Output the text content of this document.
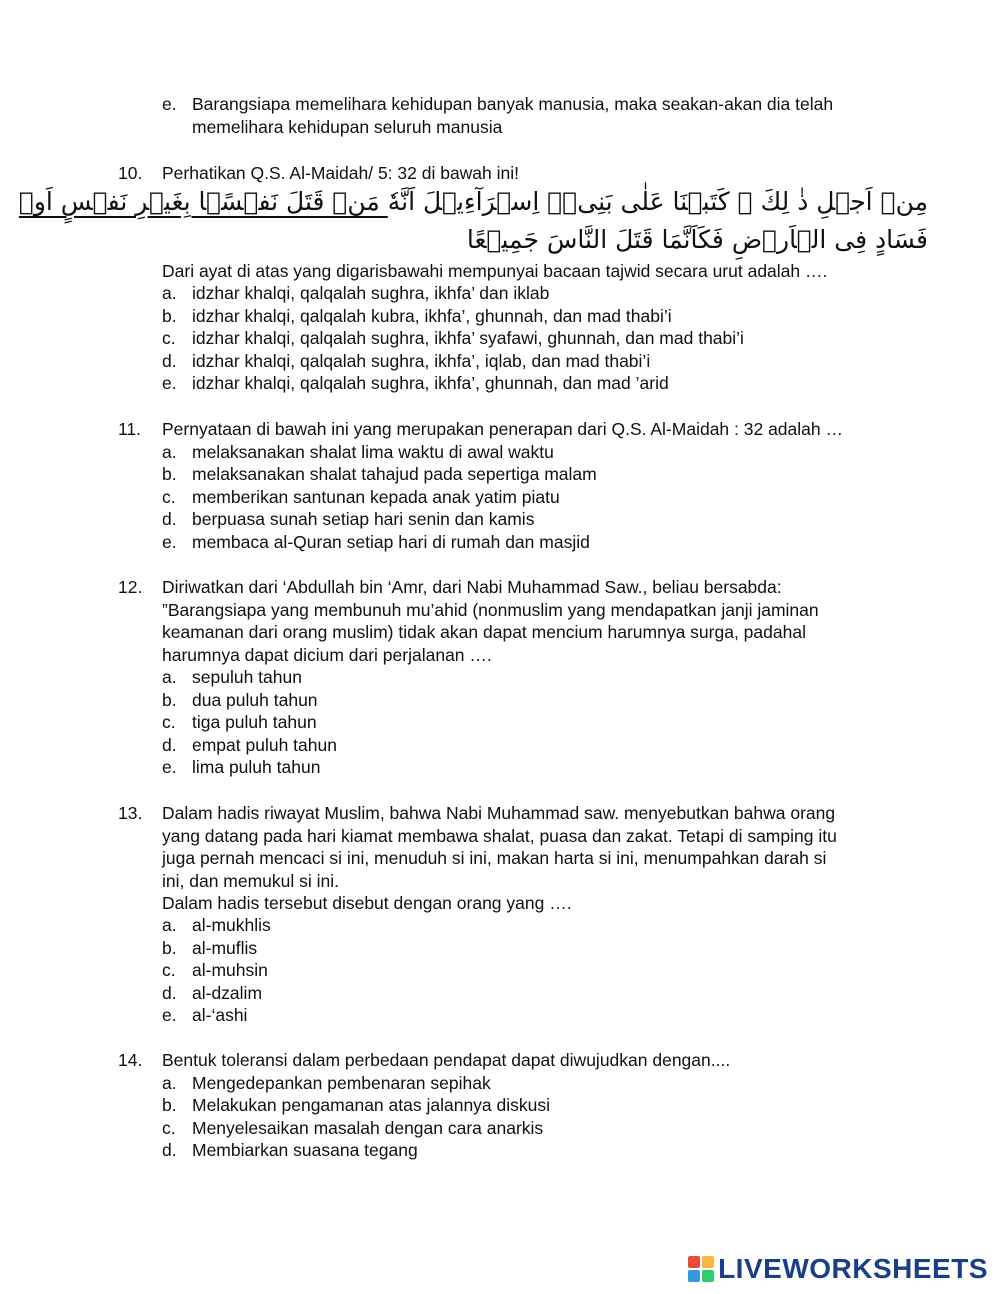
e. Barangsiapa memelihara kehidupan banyak manusia, maka seakan-akan dia telah
memelihara kehidupan seluruh manusia
10. Perhatikan Q.S. Al-Maidah/ 5: 32 di bawah ini!
مِنۡ اَجۡلِ ذٰ لِكَ ۚ كَتَبۡنَا عَلٰى بَنِىۡۤ اِسۡرَآءِيۡلَ اَنَّهٗ مَنۡ قَتَلَ نَفۡسًۢا بِغَيۡرِ نَفۡسٍ اَوۡ
فَسَادٍ فِى الۡاَرۡضِ فَكَاَنَّمَا قَتَلَ النَّاسَ جَمِيۡعًا
Dari ayat di atas yang digarisbawahi mempunyai bacaan tajwid secara urut adalah ….
a. idzhar khalqi, qalqalah sughra, ikhfa’ dan iklab
b. idzhar khalqi, qalqalah kubra, ikhfa’, ghunnah, dan mad thabi’i
c. idzhar khalqi, qalqalah sughra, ikhfa’ syafawi, ghunnah, dan mad thabi’i
d. idzhar khalqi, qalqalah sughra, ikhfa’, iqlab, dan mad thabi’i
e. idzhar khalqi, qalqalah sughra, ikhfa’, ghunnah, dan mad ’arid
11. Pernyataan di bawah ini yang merupakan penerapan dari Q.S. Al-Maidah : 32 adalah …
a. melaksanakan shalat lima waktu di awal waktu
b. melaksanakan shalat tahajud pada sepertiga malam
c. memberikan santunan kepada anak yatim piatu
d. berpuasa sunah setiap hari senin dan kamis
e. membaca al-Quran setiap hari di rumah dan masjid
12. Diriwatkan dari ‘Abdullah bin ‘Amr, dari Nabi Muhammad Saw., beliau bersabda:
”Barangsiapa yang membunuh mu’ahid (nonmuslim yang mendapatkan janji jaminan
keamanan dari orang muslim) tidak akan dapat mencium harumnya surga, padahal
harumnya dapat dicium dari perjalanan ….
a. sepuluh tahun
b. dua puluh tahun
c. tiga puluh tahun
d. empat puluh tahun
e. lima puluh tahun
13. Dalam hadis riwayat Muslim, bahwa Nabi Muhammad saw. menyebutkan bahwa orang
yang datang pada hari kiamat membawa shalat, puasa dan zakat. Tetapi di samping itu
juga pernah mencaci si ini, menuduh si ini, makan harta si ini, menumpahkan darah si
ini, dan memukul si ini.
Dalam hadis tersebut disebut dengan orang yang ….
a. al-mukhlis
b. al-muflis
c. al-muhsin
d. al-dzalim
e. al-‘ashi
14. Bentuk toleransi dalam perbedaan pendapat dapat diwujudkan dengan....
a. Mengedepankan pembenaran sepihak
b. Melakukan pengamanan atas jalannya diskusi
c. Menyelesaikan masalah dengan cara anarkis
d. Membiarkan suasana tegang
LIVEWORKSHEETS
